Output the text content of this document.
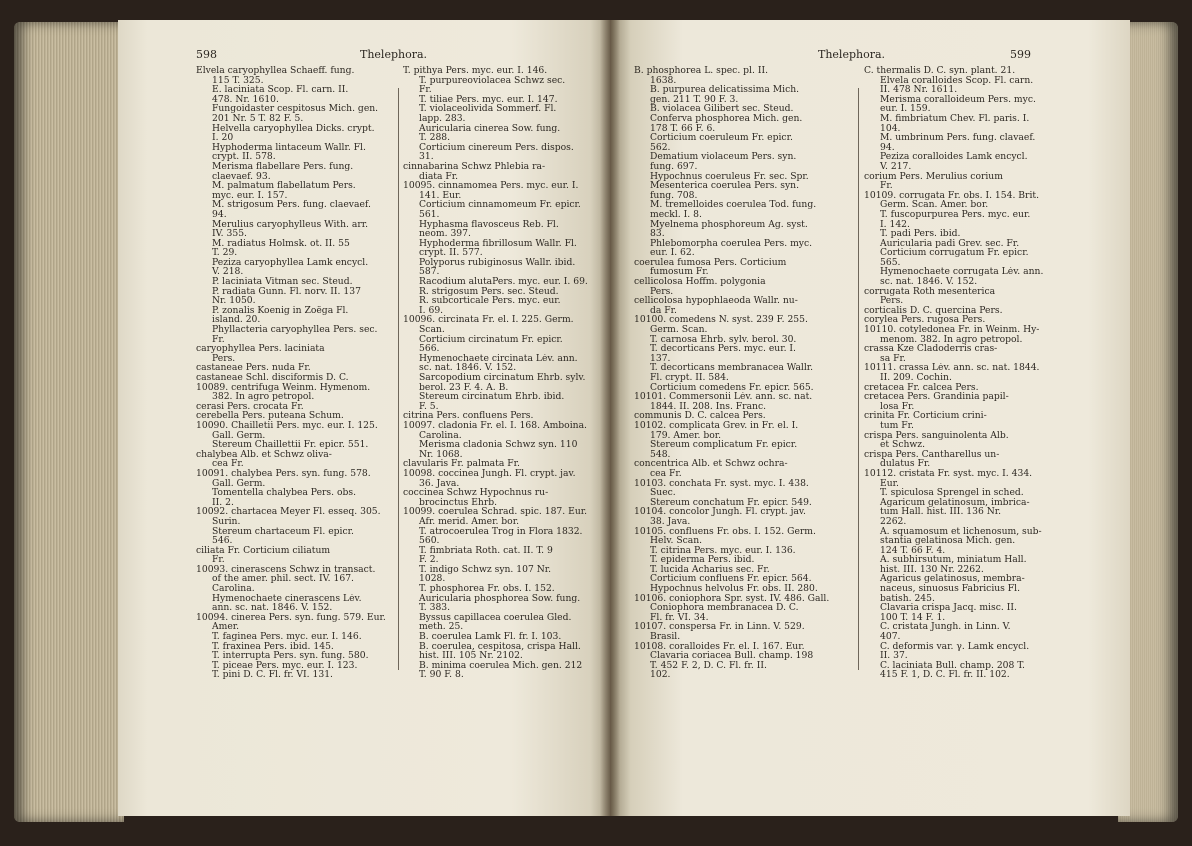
598	Thelephora.	Thelephora.	599
Elvela caryophyllea Schaeff. fung.
115 T. 325.
E. laciniata Scop. Fl. carn. II.
478. Nr. 1610.
Fungoidaster cespitosus Mich. gen.
201 Nr. 5 T. 82 F. 5.
Helvella caryophyllea Dicks. crypt.
I. 20
Hyphoderma lintaceum Wallr. Fl.
crypt. II. 578.
Merisma flabellare Pers. fung.
claevaef. 93.
M. palmatum flabellatum Pers.
myc. eur. I. 157.
M. strigosum Pers. fung. claevaef.
94.
Merulius caryophylleus With. arr.
IV. 355.
M. radiatus Holmsk. ot. II. 55
T. 29.
Peziza caryophyllea Lamk encycl.
V. 218.
P. laciniata Vitman sec. Steud.
P. radiata Gunn. Fl. norv. II. 137
Nr. 1050.
P. zonalis Koenig in Zoëga Fl.
island. 20.
Phyllacteria caryophyllea Pers. sec.
Fr.
caryophyllea Pers. laciniata
Pers.
castaneae Pers. nuda Fr.
castaneae Schl. disciformis D. C.
10089. centrifuga Weinm. Hymenom.
382. In agro petropol.
cerasi Pers. crocata Fr.
cerebella Pers. puteana Schum.
10090. Chailletii Pers. myc. eur. I. 125.
Gall. Germ.
Stereum Chaillettii Fr. epicr. 551.
chalybea Alb. et Schwz oliva-
cea Fr.
10091. chalybea Pers. syn. fung. 578.
Gall. Germ.
Tomentella chalybea Pers. obs.
II. 2.
10092. chartacea Meyer Fl. esseq. 305.
Surin.
Stereum chartaceum Fl. epicr.
546.
ciliata Fr. Corticium ciliatum
Fr.
10093. cinerascens Schwz in transact.
of the amer. phil. sect. IV. 167.
Carolina.
Hymenochaete cinerascens Lév.
ann. sc. nat. 1846. V. 152.
10094. cinerea Pers. syn. fung. 579. Eur.
Amer.
T. faginea Pers. myc. eur. I. 146.
T. fraxinea Pers. ibid. 145.
T. interrupta Pers. syn. fung. 580.
T. piceae Pers. myc. eur. I. 123.
T. pini D. C. Fl. fr. VI. 131.
T. pithya Pers. myc. eur. I. 146.
T. purpureoviolacea Schwz sec.
Fr.
T. tiliae Pers. myc. eur. I. 147.
T. violaceolivida Sommerf. Fl.
lapp. 283.
Auricularia cinerea Sow. fung.
T. 288.
Corticium cinereum Pers. dispos.
31.
cinnabarina Schwz Phlebia ra-
diata Fr.
10095. cinnamomea Pers. myc. eur. I.
141. Eur.
Corticium cinnamomeum Fr. epicr.
561.
Hyphasma flavosceus Reb. Fl.
neom. 397.
Hyphoderma fibrillosum Wallr. Fl.
crypt. II. 577.
Polyporus rubiginosus Wallr. ibid.
587.
Racodium alutaPers. myc. eur. I. 69.
R. strigosum Pers. sec. Steud.
R. subcorticale Pers. myc. eur.
I. 69.
10096. circinata Fr. el. I. 225. Germ.
Scan.
Corticium circinatum Fr. epicr.
566.
Hymenochaete circinata Lév. ann.
sc. nat. 1846. V. 152.
Sarcopodium circinatum Ehrb. sylv.
berol. 23 F. 4. A. B.
Stereum circinatum Ehrb. ibid.
F. 5.
citrina Pers. confluens Pers.
10097. cladonia Fr. el. I. 168. Amboina.
Carolina.
Merisma cladonia Schwz syn. 110
Nr. 1068.
clavularis Fr. palmata Fr.
10098. coccinea Jungh. Fl. crypt. jav.
36. Java.
coccinea Schwz Hypochnus ru-
brocinctus Ehrb.
10099. coerulea Schrad. spic. 187. Eur.
Afr. merid. Amer. bor.
T. atrocoerulea Trog in Flora 1832.
560.
T. fimbriata Roth. cat. II. T. 9
F. 2.
T. indigo Schwz syn. 107 Nr.
1028.
T. phosphorea Fr. obs. I. 152.
Auricularia phosphorea Sow. fung.
T. 383.
Byssus capillacea coerulea Gled.
meth. 25.
B. coerulea Lamk Fl. fr. I. 103.
B. coerulea, cespitosa, crispa Hall.
hist. III. 105 Nr. 2102.
B. minima coerulea Mich. gen. 212
T. 90 F. 8.
B. phosphorea L. spec. pl. II.
1638.
B. purpurea delicatissima Mich.
gen. 211 T. 90 F. 3.
B. violacea Gilibert sec. Steud.
Conferva phosphorea Mich. gen.
178 T. 66 F. 6.
Corticium coeruleum Fr. epicr.
562.
Dematium violaceum Pers. syn.
fung. 697.
Hypochnus coeruleus Fr. sec. Spr.
Mesenterica coerulea Pers. syn.
fung. 708.
M. tremelloides coerulea Tod. fung.
meckl. I. 8.
Myelnema phosphoreum Ag. syst.
83.
Phlebomorpha coerulea Pers. myc.
eur. I. 62.
coerulea fumosa Pers. Corticium
fumosum Fr.
cellicolosa Hoffm. polygonia
Pers.
cellicolosa hypophlaeoda Wallr. nu-
da Fr.
10100. comedens N. syst. 239 F. 255.
Germ. Scan.
T. carnosa Ehrb. sylv. berol. 30.
T. decorticans Pers. myc. eur. I.
137.
T. decorticans membranacea Wallr.
Fl. crypt. II. 584.
Corticium comedens Fr. epicr. 565.
10101. Commersonii Lév. ann. sc. nat.
1844. II. 208. Ins. Franc.
communis D. C. calcea Pers.
10102. complicata Grev. in Fr. el. I.
179. Amer. bor.
Stereum complicatum Fr. epicr.
548.
concentrica Alb. et Schwz ochra-
cea Fr.
10103. conchata Fr. syst. myc. I. 438.
Suec.
Stereum conchatum Fr. epicr. 549.
10104. concolor Jungh. Fl. crypt. jav.
38. Java.
10105. confluens Fr. obs. I. 152. Germ.
Helv. Scan.
T. citrina Pers. myc. eur. I. 136.
T. epiderma Pers. ibid.
T. lucida Acharius sec. Fr.
Corticium confluens Fr. epicr. 564.
Hypochnus helvolus Fr. obs. II. 280.
10106. coniophora Spr. syst. IV. 486. Gall.
Coniophora membranacea D. C.
Fl. fr. VI. 34.
10107. conspersa Fr. in Linn. V. 529.
Brasil.
10108. coralloides Fr. el. I. 167. Eur.
Clavaria coriacea Bull. champ. 198
T. 452 F. 2, D. C. Fl. fr. II.
102.
C. thermalis D. C. syn. plant. 21.
Elvela coralloides Scop. Fl. carn.
II. 478 Nr. 1611.
Merisma coralloideum Pers. myc.
eur. I. 159.
M. fimbriatum Chev. Fl. paris. I.
104.
M. umbrinum Pers. fung. clavaef.
94.
Peziza coralloides Lamk encycl.
V. 217.
corium Pers. Merulius corium
Fr.
10109. corrugata Fr. obs. I. 154. Brit.
Germ. Scan. Amer. bor.
T. fuscopurpurea Pers. myc. eur.
I. 142.
T. padi Pers. ibid.
Auricularia padi Grev. sec. Fr.
Corticium corrugatum Fr. epicr.
565.
Hymenochaete corrugata Lév. ann.
sc. nat. 1846. V. 152.
corrugata Roth mesenterica
Pers.
corticalis D. C. quercina Pers.
corylea Pers. rugosa Pers.
10110. cotyledonea Fr. in Weinm. Hy-
menom. 382. In agro petropol.
crassa Kze Cladoderris cras-
sa Fr.
10111. crassa Lév. ann. sc. nat. 1844.
II. 209. Cochin.
cretacea Fr. calcea Pers.
cretacea Pers. Grandinia papil-
losa Fr.
crinita Fr. Corticium crini-
tum Fr.
crispa Pers. sanguinolenta Alb.
et Schwz.
crispa Pers. Cantharellus un-
dulatus Fr.
10112. cristata Fr. syst. myc. I. 434.
Eur.
T. spiculosa Sprengel in sched.
Agaricum gelatinosum, imbrica-
tum Hall. hist. III. 136 Nr.
2262.
A. squamosum et lichenosum, sub-
stantia gelatinosa Mich. gen.
124 T. 66 F. 4.
A. subhirsutum, miniatum Hall.
hist. III. 130 Nr. 2262.
Agaricus gelatinosus, membra-
naceus, sinuosus Fabricius Fl.
batish. 245.
Clavaria crispa Jacq. misc. II.
100 T. 14 F. 1.
C. cristata Jungh. in Linn. V.
407.
C. deformis var. γ. Lamk encycl.
II. 37.
C. laciniata Bull. champ. 208 T.
415 F. 1, D. C. Fl. fr. II. 102.
